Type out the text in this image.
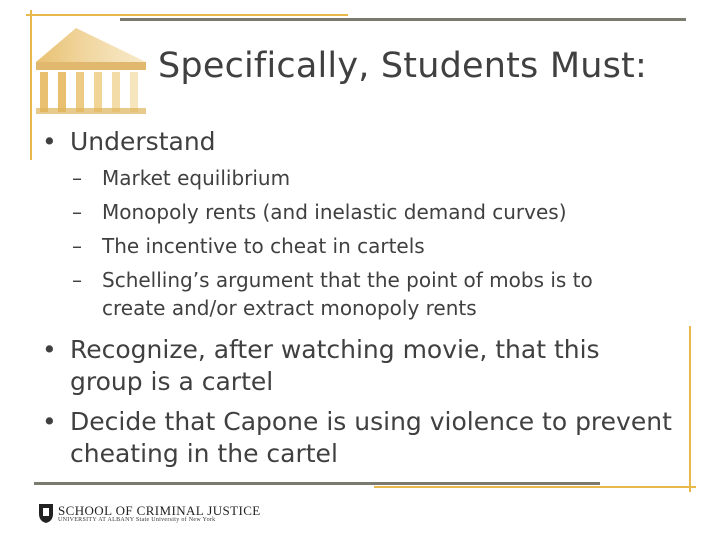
Specifically, Students Must:
• Understand
– Market equilibrium
– Monopoly rents (and inelastic demand curves)
– The incentive to cheat in cartels
– Schelling’s argument that the point of mobs is to create and/or extract monopoly rents
• Recognize, after watching movie, that this group is a cartel
• Decide that Capone is using violence to prevent cheating in the cartel
SCHOOL OF CRIMINAL JUSTICE
UNIVERSITY AT ALBANY State University of New York
